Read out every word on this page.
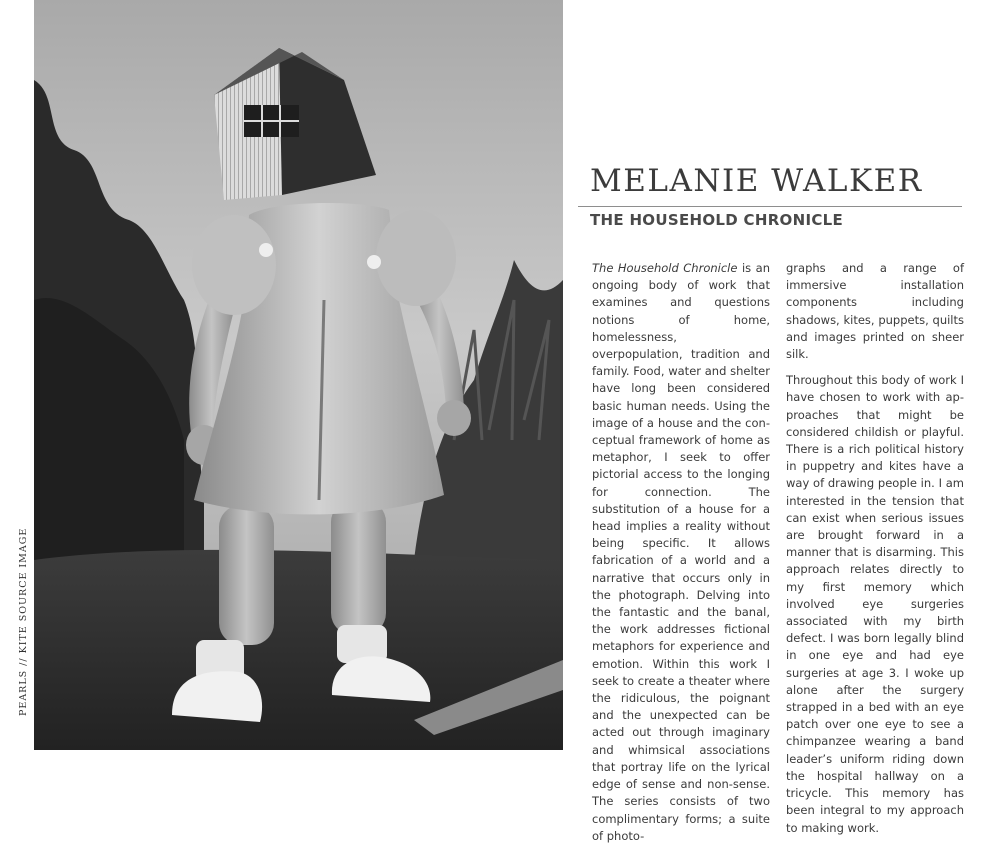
PEARLS // KITE SOURCE IMAGE
MELANIE WALKER
THE HOUSEHOLD CHRONICLE

The Household Chronicle is an ongoing body of work that examines and questions notions of home, homelessness, overpopulation, tradition and family. Food, water and shelter have long been considered basic human needs. Using the image of a house and the conceptual framework of home as metaphor, I seek to offer pictorial access to the longing for connection. The substitution of a house for a head implies a reality without being specific. It allows fabrication of a world and a narrative that occurs only in the photograph. Delving into the fantastic and the banal, the work addresses fictional metaphors for experience and emotion. Within this work I seek to create a theater where the ridiculous, the poignant and the unexpected can be acted out through imaginary and whimsical associations that portray life on the lyrical edge of sense and non-sense. The series consists of two complimentary forms; a suite of photo-

graphs and a range of immersive installation components including shadows, kites, puppets, quilts and images printed on sheer silk.

Throughout this body of work I have chosen to work with approaches that might be considered childish or playful. There is a rich political history in puppetry and kites have a way of drawing people in. I am interested in the tension that can exist when serious issues are brought forward in a manner that is disarming. This approach relates directly to my first memory which involved eye surgeries associated with my birth defect. I was born legally blind in one eye and had eye surgeries at age 3. I woke up alone after the surgery strapped in a bed with an eye patch over one eye to see a chimpanzee wearing a band leader’s uniform riding down the hospital hallway on a tricycle. This memory has been integral to my approach to making work.
